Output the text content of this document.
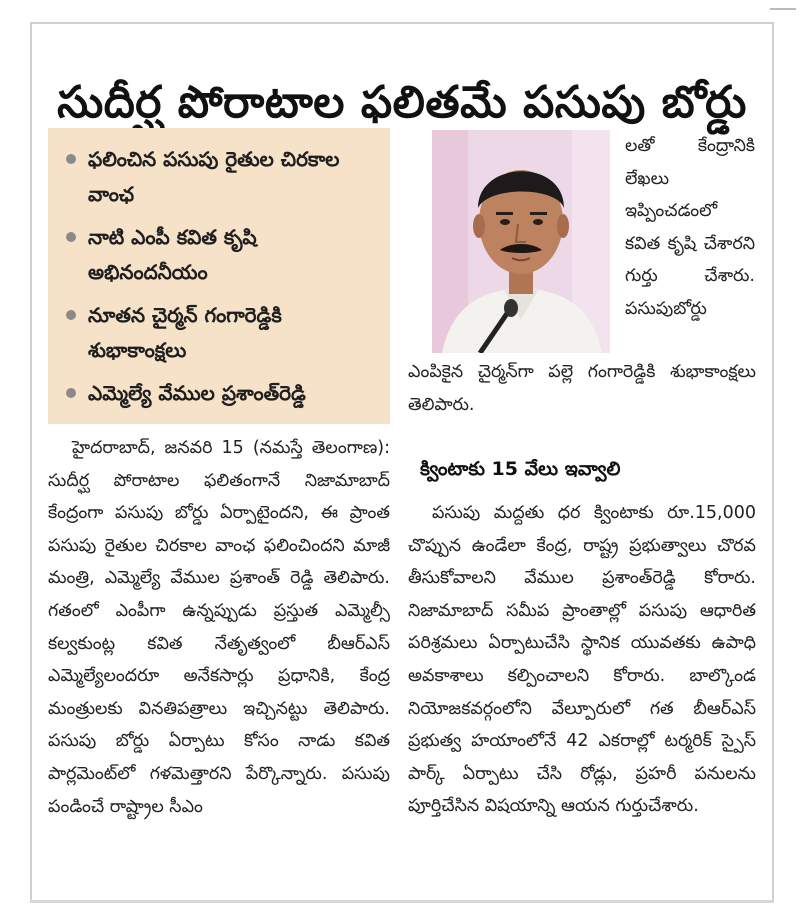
సుదీర్ఘ పోరాటాల ఫలితమే పసుపు బోర్డు
ఫలించిన పసుపు రైతుల చిరకాల వాంఛ
నాటి ఎంపీ కవిత కృషి అభినందనీయం
నూతన చైర్మన్ గంగారెడ్డికి శుభాకాంక్షలు
ఎమ్మెల్యే వేముల ప్రశాంత్‌రెడ్డి

హైదరాబాద్, జనవరి 15 (నమస్తే తెలంగాణ): సుదీర్ఘ పోరాటాల ఫలితంగానే నిజామాబాద్ కేంద్రంగా పసుపు బోర్డు ఏర్పాటైందని, ఈ ప్రాంత పసుపు రైతుల చిరకాల వాంఛ ఫలించిందని మాజీ మంత్రి, ఎమ్మెల్యే వేముల ప్రశాంత్ రెడ్డి తెలిపారు. గతంలో ఎంపీగా ఉన్నప్పుడు ప్రస్తుత ఎమ్మెల్సీ కల్వకుంట్ల కవిత నేతృత్వంలో బీఆర్ఎస్ ఎమ్మెల్యేలందరూ అనేకసార్లు ప్రధానికి, కేంద్ర మంత్రులకు వినతిపత్రాలు ఇచ్చినట్టు తెలిపారు. పసుపు బోర్డు ఏర్పాటు కోసం నాడు కవిత పార్లమెంట్‌లో గళమెత్తారని పేర్కొన్నారు. పసుపు పండించే రాష్ట్రాల సీఎం

లతో కేంద్రానికి లేఖలు ఇప్పించడంలో కవిత కృషి చేశారని గుర్తు చేశారు. పసుపుబోర్డు

ఎంపికైన చైర్మన్‌గా పల్లె గంగారెడ్డికి శుభాకాంక్షలు తెలిపారు.

క్వింటాకు 15 వేలు ఇవ్వాలి

పసుపు మద్దతు ధర క్వింటాకు రూ.15,000 చొప్పున ఉండేలా కేంద్ర, రాష్ట్ర ప్రభుత్వాలు చొరవ తీసుకోవాలని వేముల ప్రశాంత్‌రెడ్డి కోరారు. నిజామాబాద్ సమీప ప్రాంతాల్లో పసుపు ఆధారిత పరిశ్రమలు ఏర్పాటుచేసి స్థానిక యువతకు ఉపాధి అవకాశాలు కల్పించాలని కోరారు. బాల్కొండ నియోజకవర్గంలోని వేల్పూరులో గత బీఆర్ఎస్ ప్రభుత్వ హయాంలోనే 42 ఎకరాల్లో టర్మరిక్ స్పైస్ పార్క్ ఏర్పాటు చేసి రోడ్లు, ప్రహరీ పనులను పూర్తిచేసిన విషయాన్ని ఆయన గుర్తుచేశారు.
